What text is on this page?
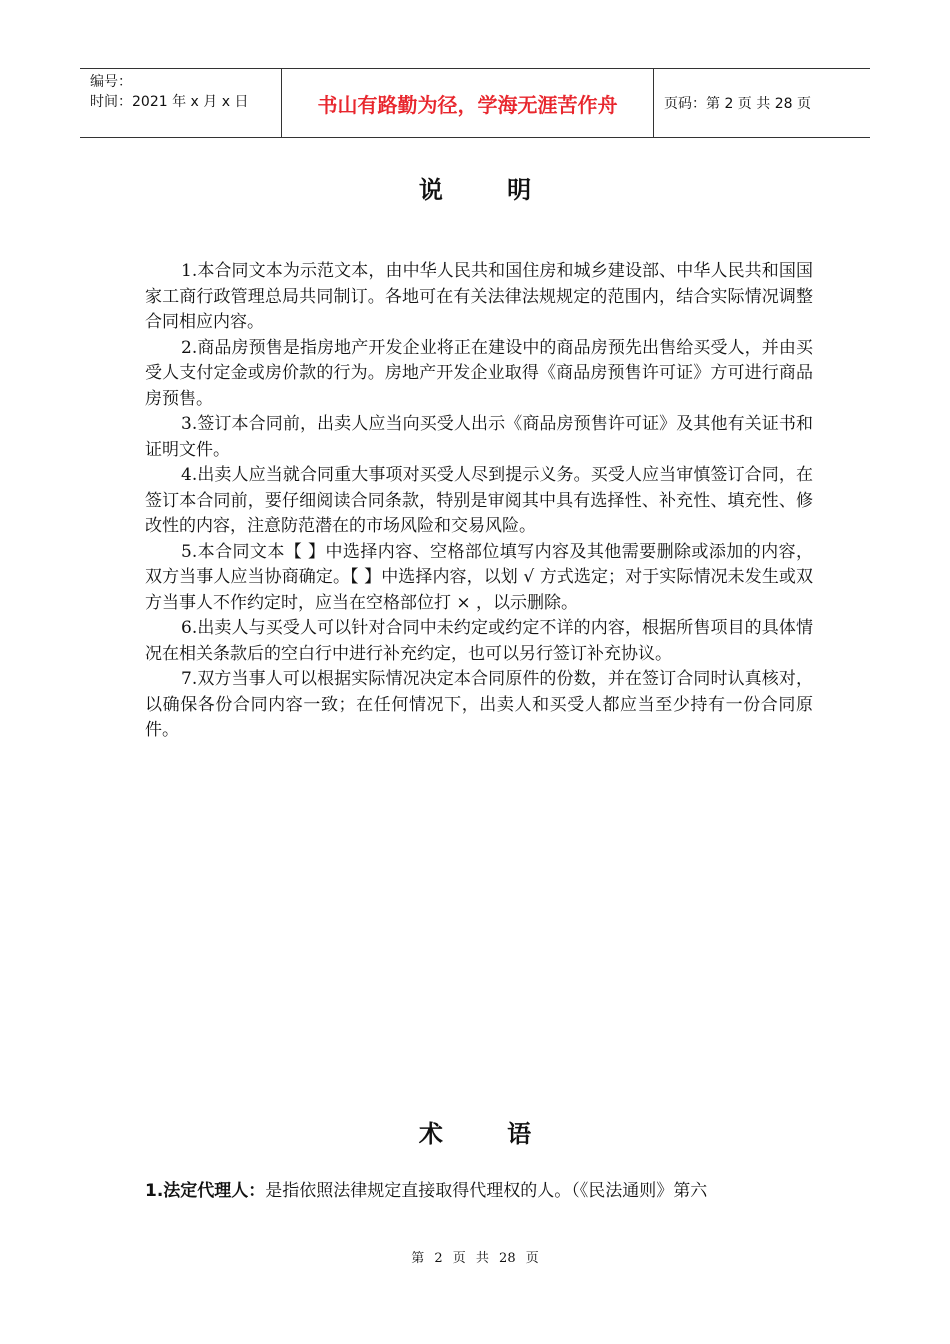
编号：
时间：2021 年 x 月 x 日	书山有路勤为径，学海无涯苦作舟	页码：第 2 页 共 28 页
说 明

1.本合同文本为示范文本，由中华人民共和国住房和城乡建设部、中华人民共和国国家工商行政管理总局共同制订。各地可在有关法律法规规定的范围内，结合实际情况调整合同相应内容。

2.商品房预售是指房地产开发企业将正在建设中的商品房预先出售给买受人，并由买受人支付定金或房价款的行为。房地产开发企业取得《商品房预售许可证》方可进行商品房预售。

3.签订本合同前，出卖人应当向买受人出示《商品房预售许可证》及其他有关证书和证明文件。

4.出卖人应当就合同重大事项对买受人尽到提示义务。买受人应当审慎签订合同，在签订本合同前，要仔细阅读合同条款，特别是审阅其中具有选择性、补充性、填充性、修改性的内容，注意防范潜在的市场风险和交易风险。

5.本合同文本【 】中选择内容、空格部位填写内容及其他需要删除或添加的内容，双方当事人应当协商确定。【 】中选择内容，以划 √ 方式选定；对于实际情况未发生或双方当事人不作约定时，应当在空格部位打 × ，以示删除。

6.出卖人与买受人可以针对合同中未约定或约定不详的内容，根据所售项目的具体情况在相关条款后的空白行中进行补充约定，也可以另行签订补充协议。

7.双方当事人可以根据实际情况决定本合同原件的份数，并在签订合同时认真核对，以确保各份合同内容一致；在任何情况下，出卖人和买受人都应当至少持有一份合同原件。

术 语
1.法定代理人：是指依照法律规定直接取得代理权的人。（《民法通则》第六
第 2 页 共 28 页
